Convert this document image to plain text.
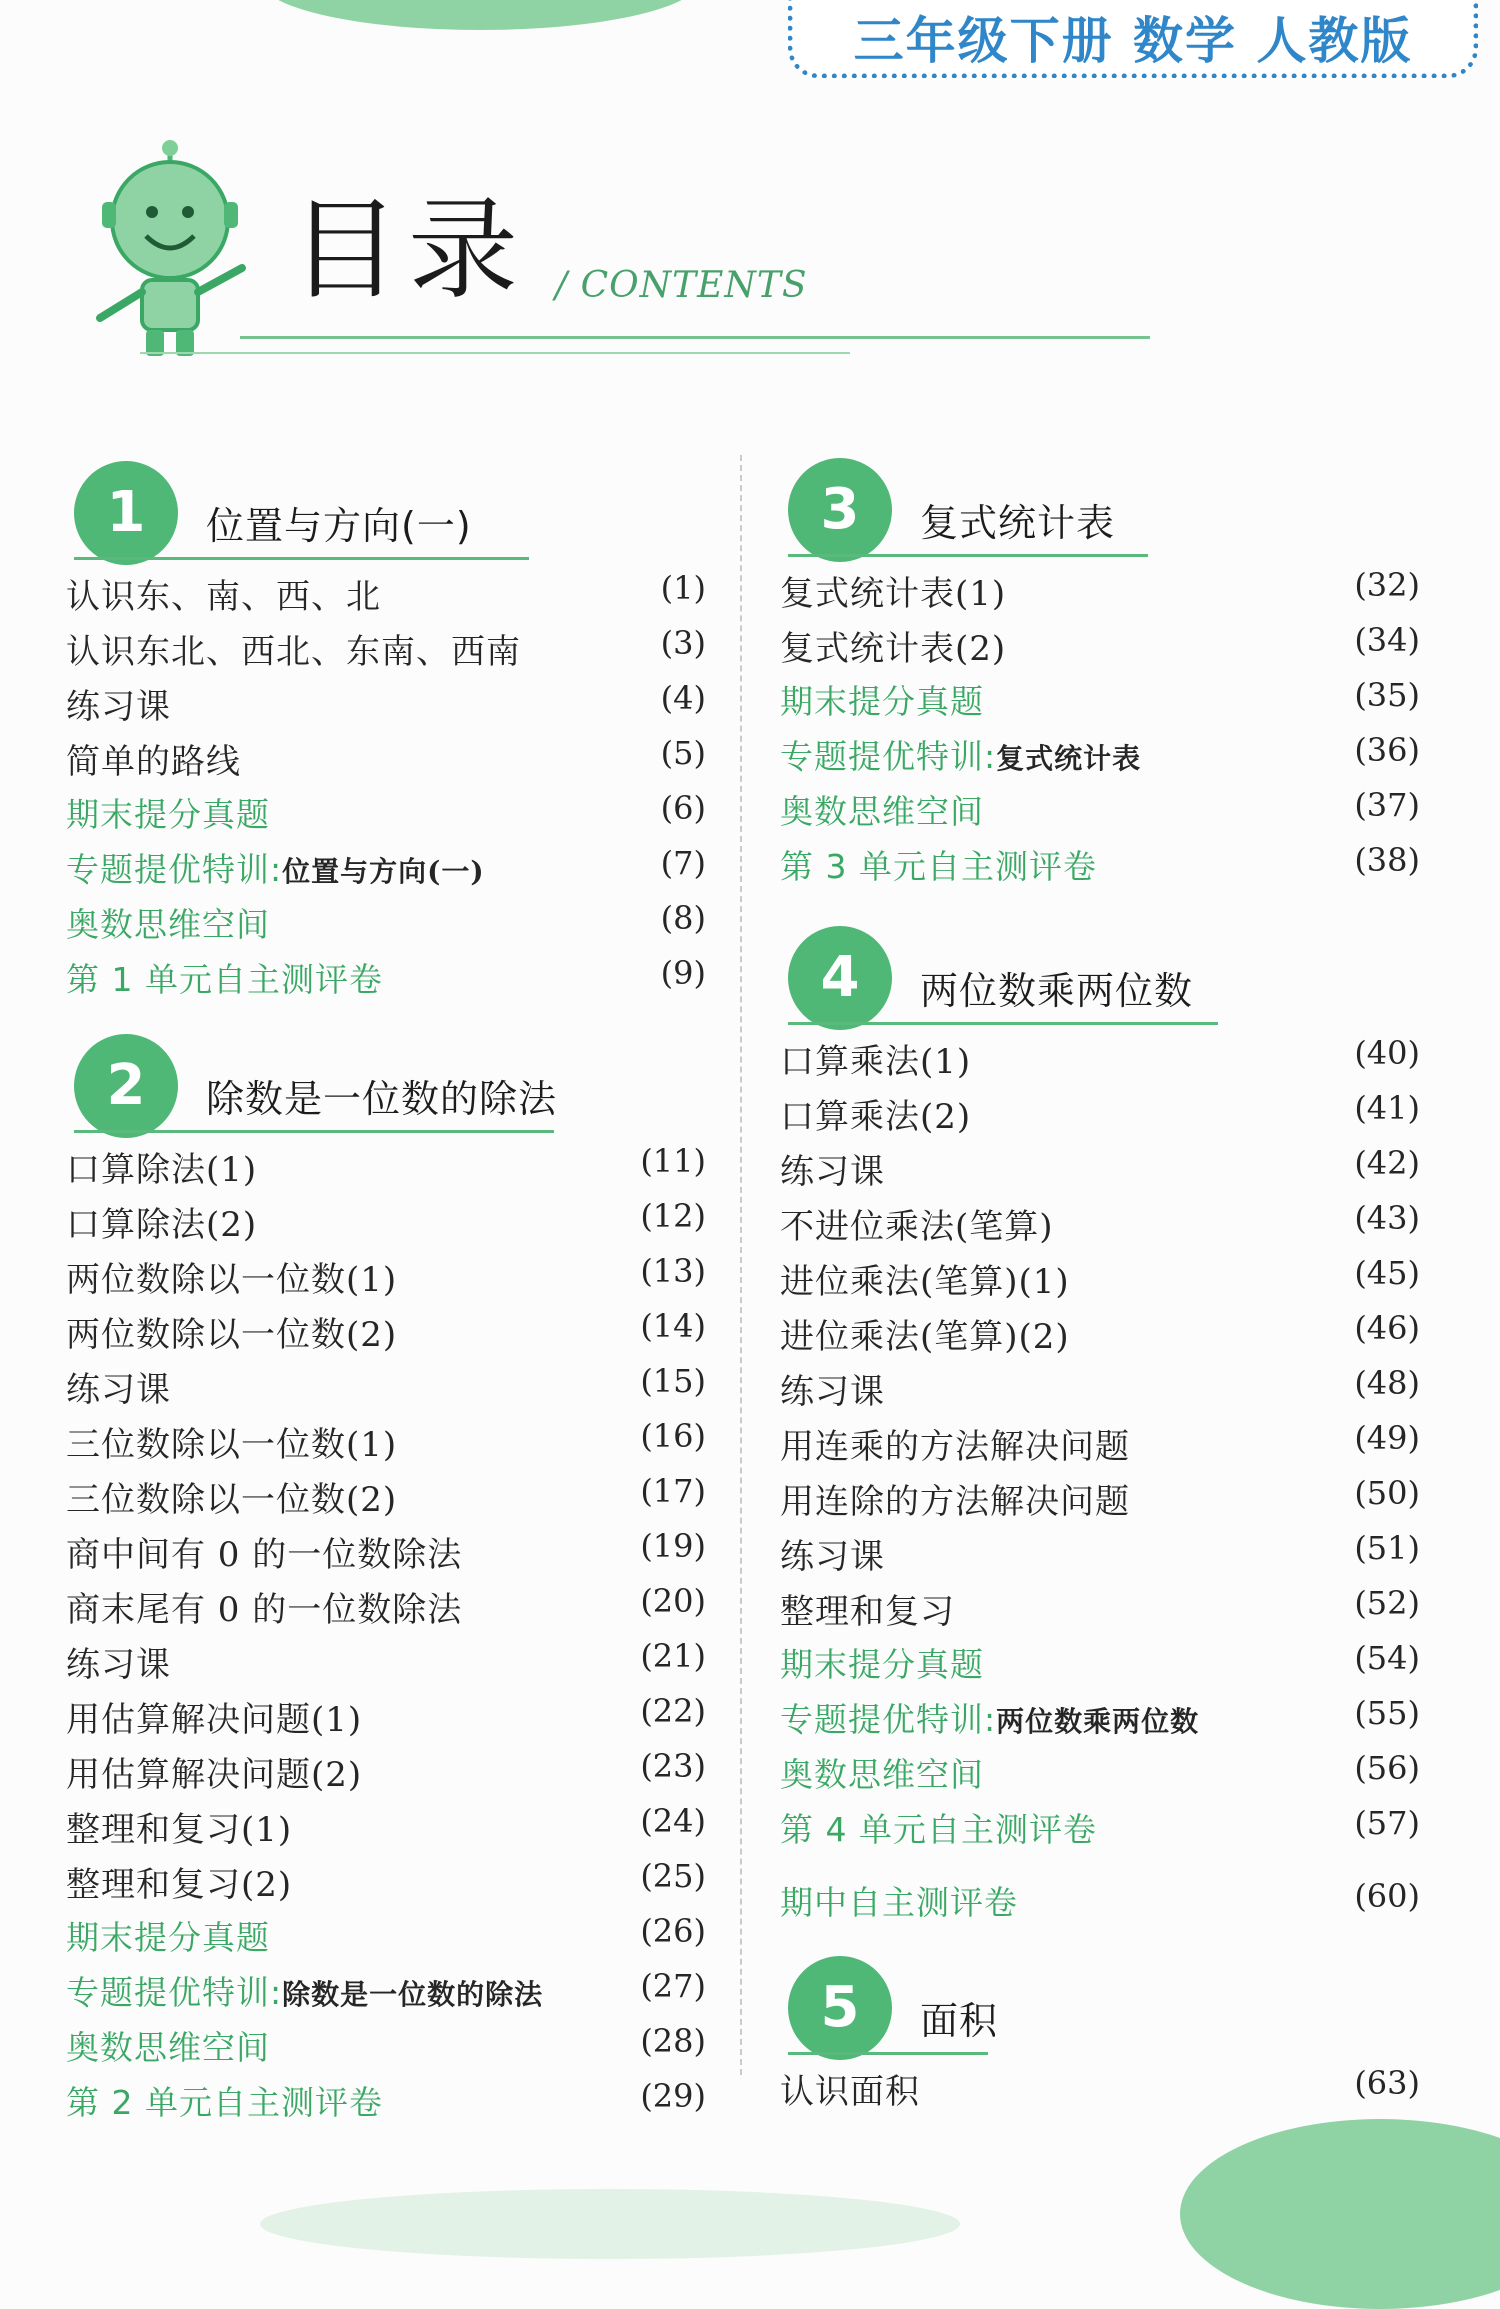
三年级下册 数学 人教版
目录 / CONTENTS
1	位置与方向(一)
认识东、南、西、北	(1)
认识东北、西北、东南、西南	(3)
练习课	(4)
简单的路线	(5)
期末提分真题	(6)
专题提优特训:位置与方向(一)	(7)
奥数思维空间	(8)
第 1 单元自主测评卷	(9)
2	除数是一位数的除法
口算除法(1)	(11)
口算除法(2)	(12)
两位数除以一位数(1)	(13)
两位数除以一位数(2)	(14)
练习课	(15)
三位数除以一位数(1)	(16)
三位数除以一位数(2)	(17)
商中间有 0 的一位数除法	(19)
商末尾有 0 的一位数除法	(20)
练习课	(21)
用估算解决问题(1)	(22)
用估算解决问题(2)	(23)
整理和复习(1)	(24)
整理和复习(2)	(25)
期末提分真题	(26)
专题提优特训:除数是一位数的除法	(27)
奥数思维空间	(28)
第 2 单元自主测评卷	(29)
3	复式统计表
复式统计表(1)	(32)
复式统计表(2)	(34)
期末提分真题	(35)
专题提优特训:复式统计表	(36)
奥数思维空间	(37)
第 3 单元自主测评卷	(38)
4	两位数乘两位数
口算乘法(1)	(40)
口算乘法(2)	(41)
练习课	(42)
不进位乘法(笔算)	(43)
进位乘法(笔算)(1)	(45)
进位乘法(笔算)(2)	(46)
练习课	(48)
用连乘的方法解决问题	(49)
用连除的方法解决问题	(50)
练习课	(51)
整理和复习	(52)
期末提分真题	(54)
专题提优特训:两位数乘两位数	(55)
奥数思维空间	(56)
第 4 单元自主测评卷	(57)
期中自主测评卷	(60)
5	面积
认识面积	(63)
